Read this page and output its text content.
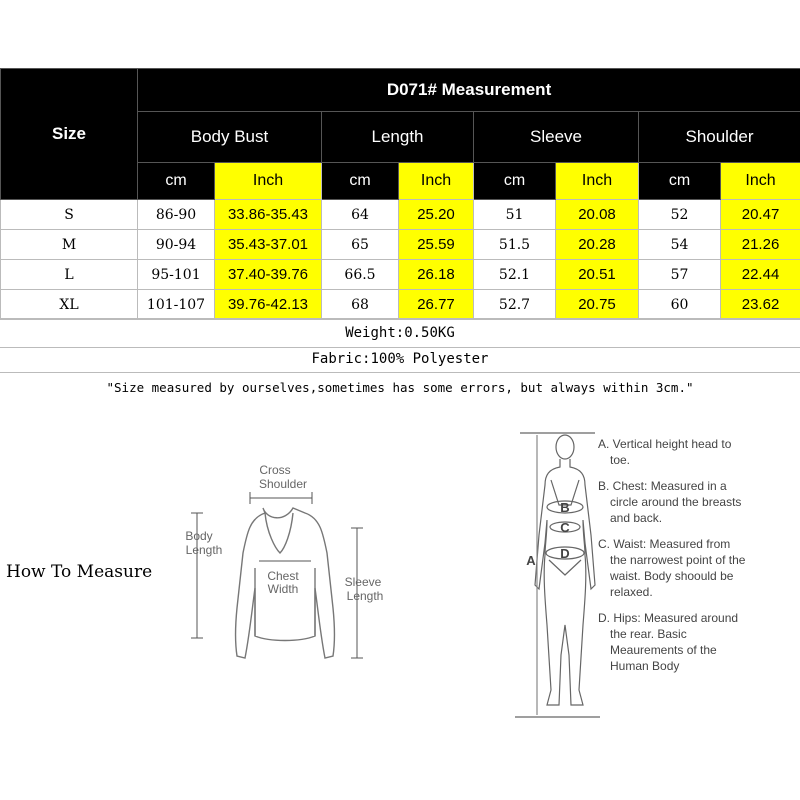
Size	D071# Measurement							
	Body Bust		Length		Sleeve		Shoulder	
	cm	Inch	cm	Inch	cm	Inch	cm	Inch
S	86-90	33.86-35.43	64	25.20	51	20.08	52	20.47
M	90-94	35.43-37.01	65	25.59	51.5	20.28	54	21.26
L	95-101	37.40-39.76	66.5	26.18	52.1	20.51	57	22.44
XL	101-107	39.76-42.13	68	26.77	52.7	20.75	60	23.62
Weight:0.50KG
Fabric:100% Polyester
"Size measured by ourselves,sometimes has some errors, but always within 3cm."
How To Measure
Cross
Shoulder
Body
Length
Chest
Width	Sleeve
Length
A
B
C
D

A. Vertical height head to toe.

B. Chest: Measured in a circle around the breasts and back.

C. Waist: Measured from the narrowest point of the waist. Body shoould be relaxed.

D. Hips: Measured around the rear. Basic Meaurements of the Human Body
